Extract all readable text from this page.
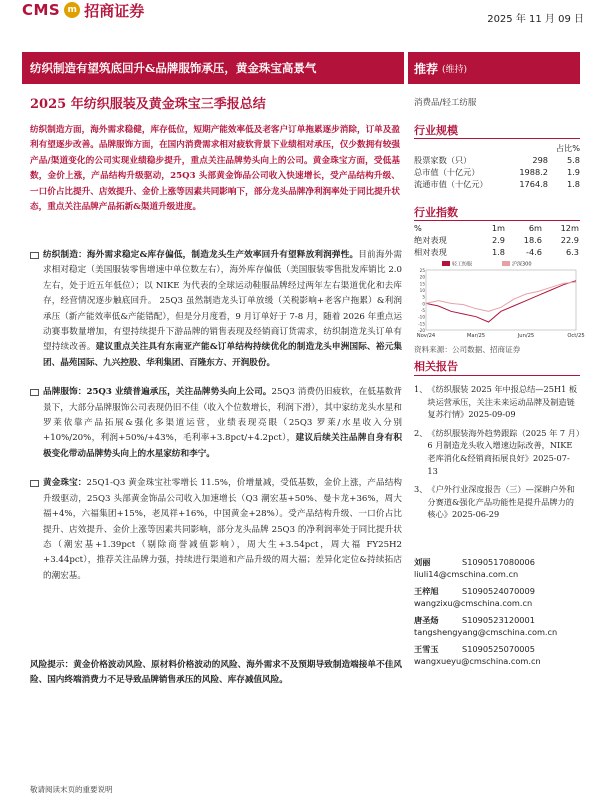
CMS m 招商证券	2025 年 11 月 09 日
纺织制造有望筑底回升&品牌服饰承压，黄金珠宝高景气	推荐 (维持)
2025 年纺织服装及黄金珠宝三季报总结	消费品/轻工纺服
纺织制造方面，海外需求稳健，库存低位，短期产能效率低及老客户订单拖累逐步消除，订单及盈利有望逐步改善。品牌服饰方面，在国内消费需求相对疲软背景下业绩相对承压，仅少数拥有较强产品/渠道变化的公司实现业绩稳步提升，重点关注品牌势头向上的公司。黄金珠宝方面，受低基数，金价上涨，产品结构升级驱动，25Q3 头部黄金饰品公司收入快速增长，受产品结构升级、一口价占比提升、店效提升、金价上涨等因素共同影响下，部分龙头品牌净利润率处于同比提升状态，重点关注品牌产品拓新&渠道升级进度。
纺织制造：海外需求稳定&库存偏低，制造龙头生产效率回升有望释放利润弹性。目前海外需求相对稳定（美国服装零售增速中单位数左右），海外库存偏低（美国服装零售批发库销比 2.0 左右，处于近五年低位）；以 NIKE 为代表的全球运动鞋服品牌经过两年左右渠道优化和去库存，经营情况逐步触底回升。 25Q3 虽然制造龙头订单放缓（关税影响+老客户拖累）&利润承压（新产能效率低&产能错配），但是分月度看，9 月订单好于 7-8 月，随着 2026 年重点运动赛事数量增加，有望持续提升下游品牌的销售表现及经销商订货需求，纺织制造龙头订单有望持续改善。建议重点关注具有东南亚产能&订单结构持续优化的制造龙头申洲国际、裕元集团、晶苑国际、九兴控股、华利集团、百隆东方、开润股份。
品牌服饰：25Q3 业绩普遍承压，关注品牌势头向上公司。25Q3 消费仍旧疲软，在低基数背景下，大部分品牌服饰公司表现仍旧不佳（收入个位数增长，利润下滑），其中家纺龙头水星和罗莱依靠产品拓展&强化多渠道运营，业绩表现亮眼（25Q3 罗莱/水星收入分别+10%/20%，利润+50%/+43%，毛利率+3.8pct/+4.2pct），建议后续关注品牌自身有积极变化带动品牌势头向上的水星家纺和李宁。
黄金珠宝：25Q1-Q3 黄金珠宝社零增长 11.5%，价增量减，受低基数，金价上涨，产品结构升级驱动，25Q3 头部黄金饰品公司收入加速增长（Q3 潮宏基+50%、曼卡龙+36%，周大福+4%，六福集团+15%，老凤祥+16%，中国黄金+28%）。受产品结构升级、一口价占比提升、店效提升、金价上涨等因素共同影响，部分龙头品牌 25Q3 的净利润率处于同比提升状态（潮宏基+1.39pct（剔除商誉减值影响），周大生+3.54pct，周大福 FY25H2 +3.44pct），推荐关注品牌力强，持续进行渠道和产品升级的周大福；差异化定位&持续拓店的潮宏基。
风险提示：黄金价格波动风险、原材料价格波动的风险、海外需求不及预期导致制造端接单不佳风险、国内终端消费力不足导致品牌销售承压的风险、库存减值风险。
行业规模
占比%
股票家数（只）	298	5.8
总市值（十亿元）	1988.2	1.9
流通市值（十亿元）	1764.8	1.8
行业指数
%	1m	6m	12m
绝对表现	2.9	18.6	22.9
相对表现	1.8	-4.6	6.3
25
20
15
10
5
0
-5
-10
-15
-20
Nov/24	Mar/25	Jun/25	Oct/25
轻工纺服	沪深300
资料来源：公司数据、招商证券
相关报告
1、 《纺织服装 2025 年中报总结—25H1 板块运营承压，关注未来运动品牌及制造链复苏行情》2025-09-09
2、 《纺织服装海外趋势跟踪（2025 年 7 月）6 月制造龙头收入增速边际改善，NIKE 老库消化&经销商拓展良好》2025-07-13
3、 《户外行业深度报告（三）—深耕户外和分赛道&强化产品功能性是提升品牌力的核心》2025-06-29
刘丽	S1090517080006
liuli14@cmschina.com.cn
王梓旭	S1090524070009
wangzixu@cmschina.com.cn
唐圣炀	S1090523120001
tangshengyang@cmschina.com.cn
王雪玉	S1090525070005
wangxueyu@cmschina.com.cn
敬请阅读末页的重要说明
